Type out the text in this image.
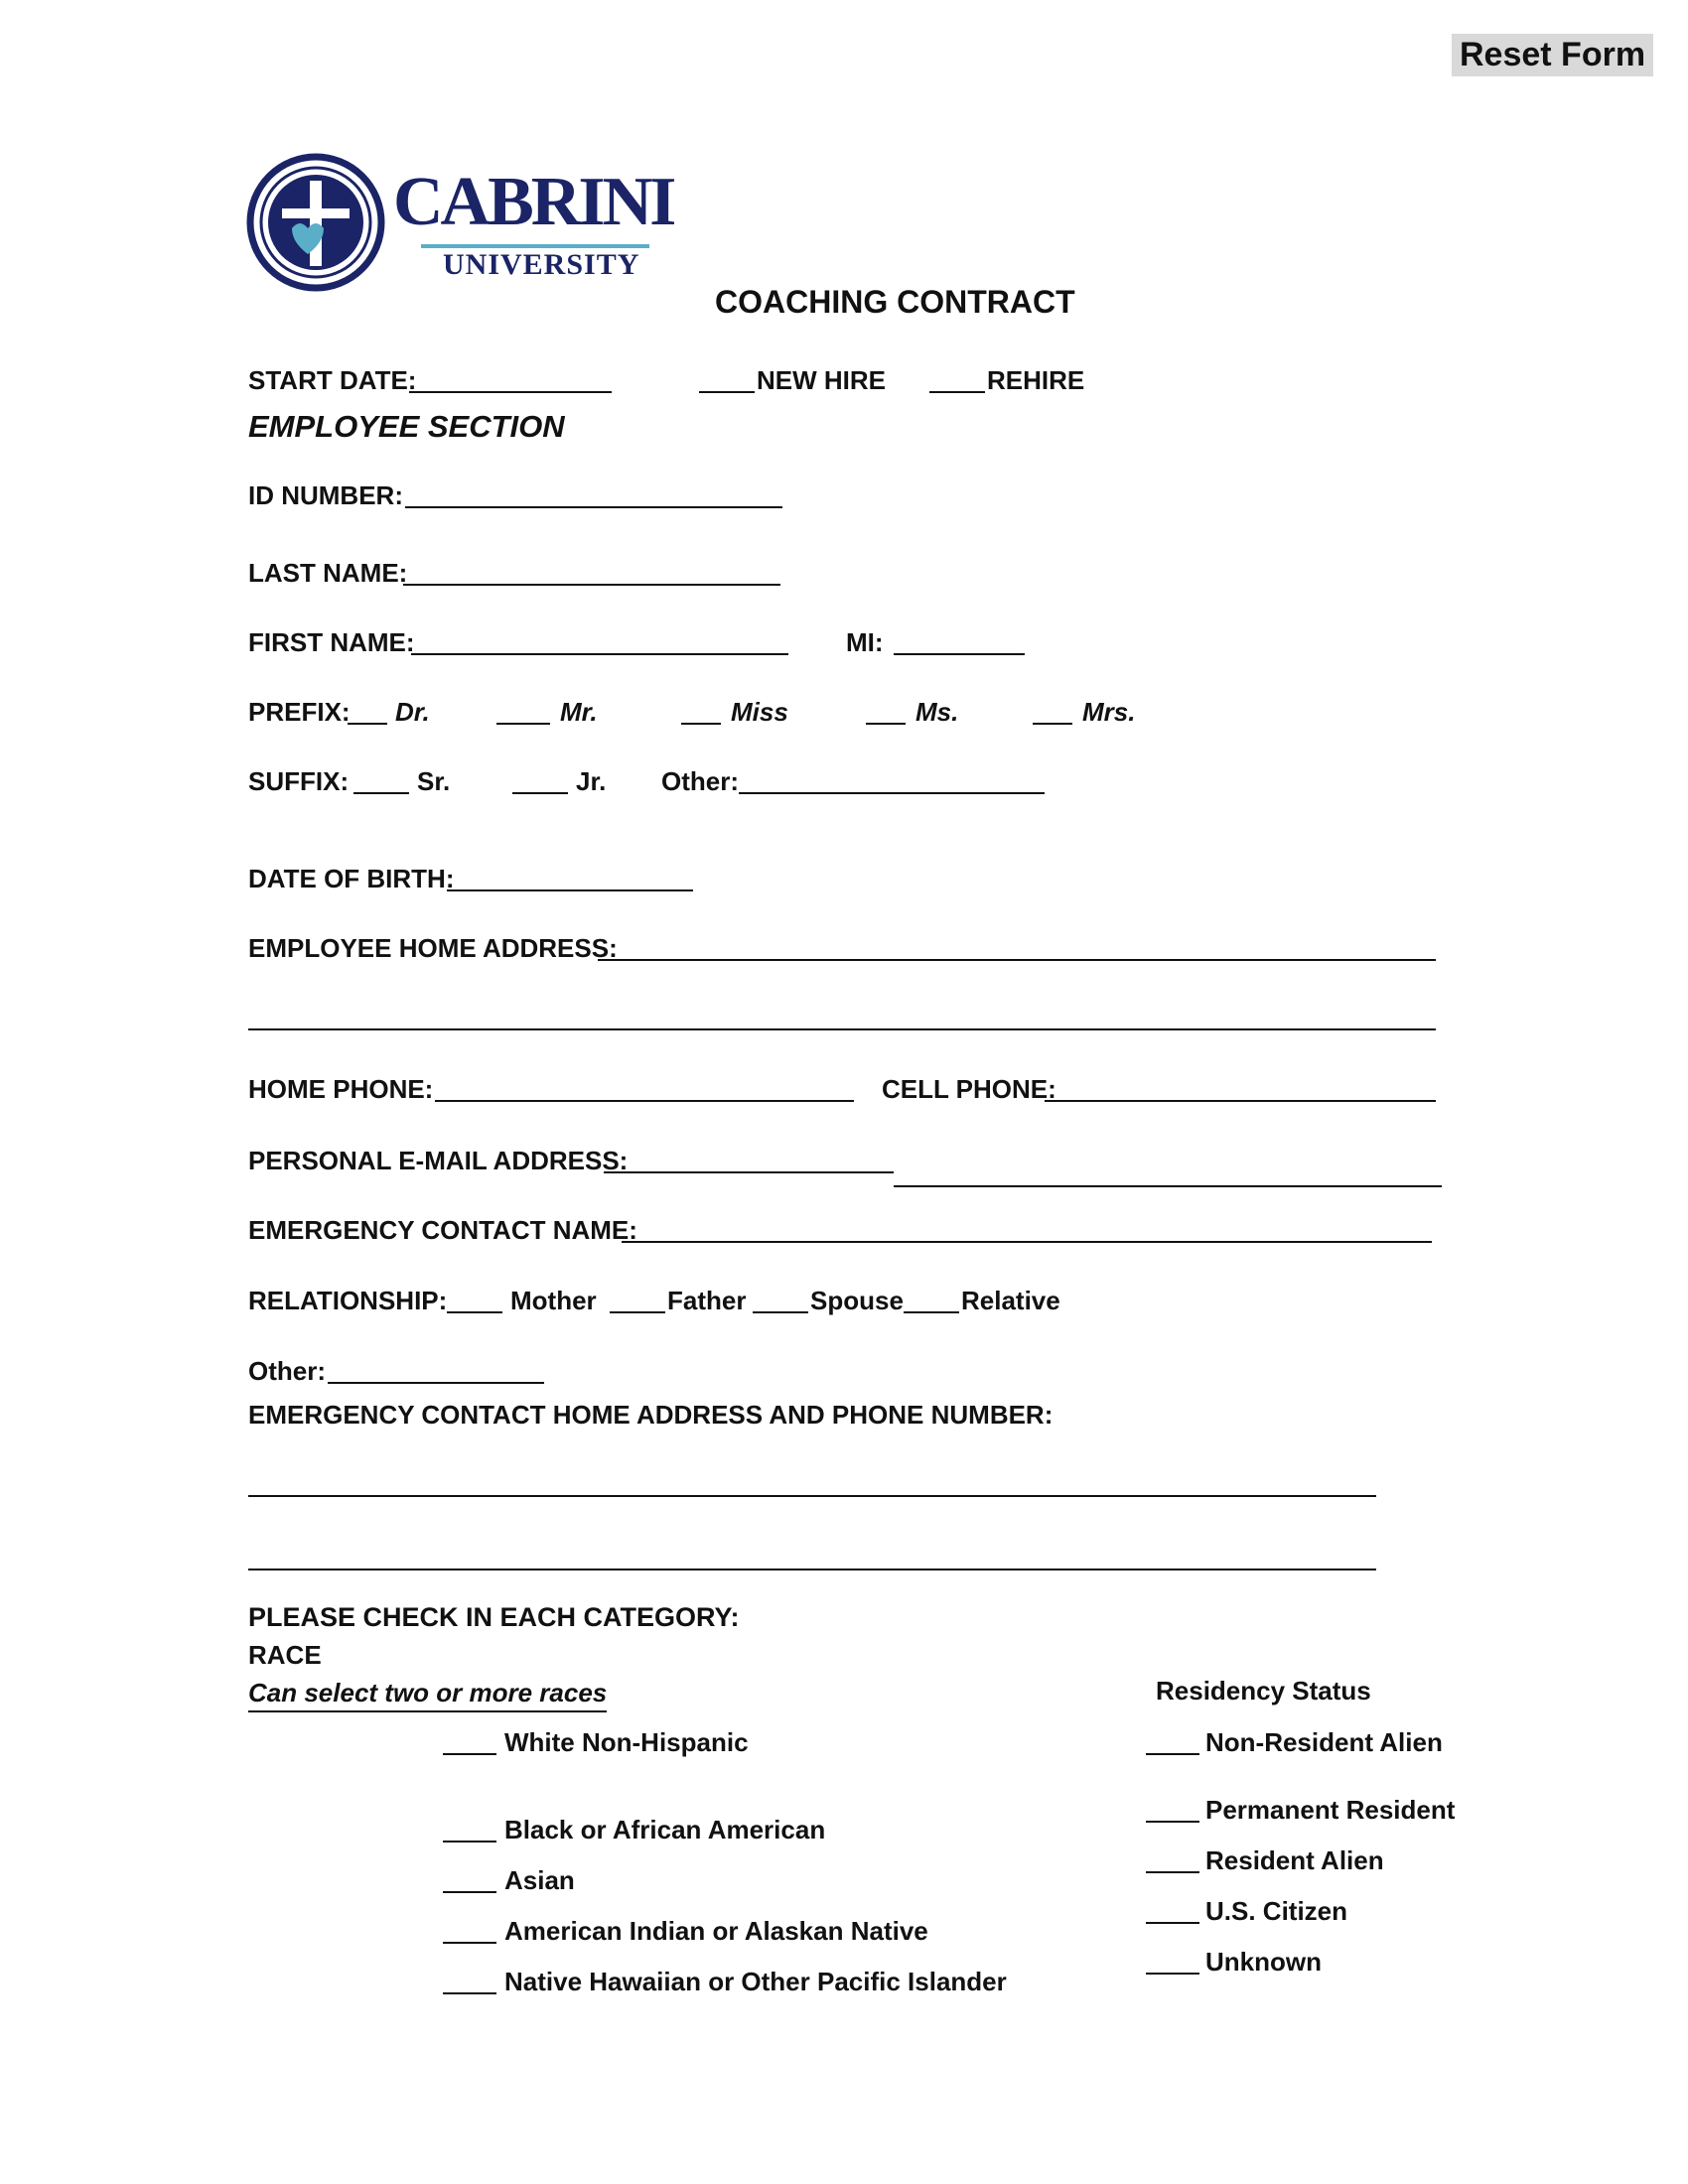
Reset Form
CABRINI
UNIVERSITY
COACHING CONTRACT
START DATE:	NEW HIRE	REHIRE
EMPLOYEE SECTION
ID NUMBER:
LAST NAME:
FIRST NAME:	MI:
PREFIX: Dr.	Mr.	Miss	Ms.	Mrs.
SUFFIX:	Sr.	Jr. Other:
DATE OF BIRTH:
EMPLOYEE HOME ADDRESS:
HOME PHONE:	CELL PHONE:
PERSONAL E-MAIL ADDRESS:
EMERGENCY CONTACT NAME:
RELATIONSHIP: Mother	Father Spouse Relative
Other:
EMERGENCY CONTACT HOME ADDRESS AND PHONE NUMBER:
PLEASE CHECK IN EACH CATEGORY:
RACE
Can select two or more races
White Non-Hispanic
Black or African American
Asian
American Indian or Alaskan Native
Native Hawaiian or Other Pacific Islander
Residency Status
Non-Resident Alien
Permanent Resident
Resident Alien
U.S. Citizen
Unknown
